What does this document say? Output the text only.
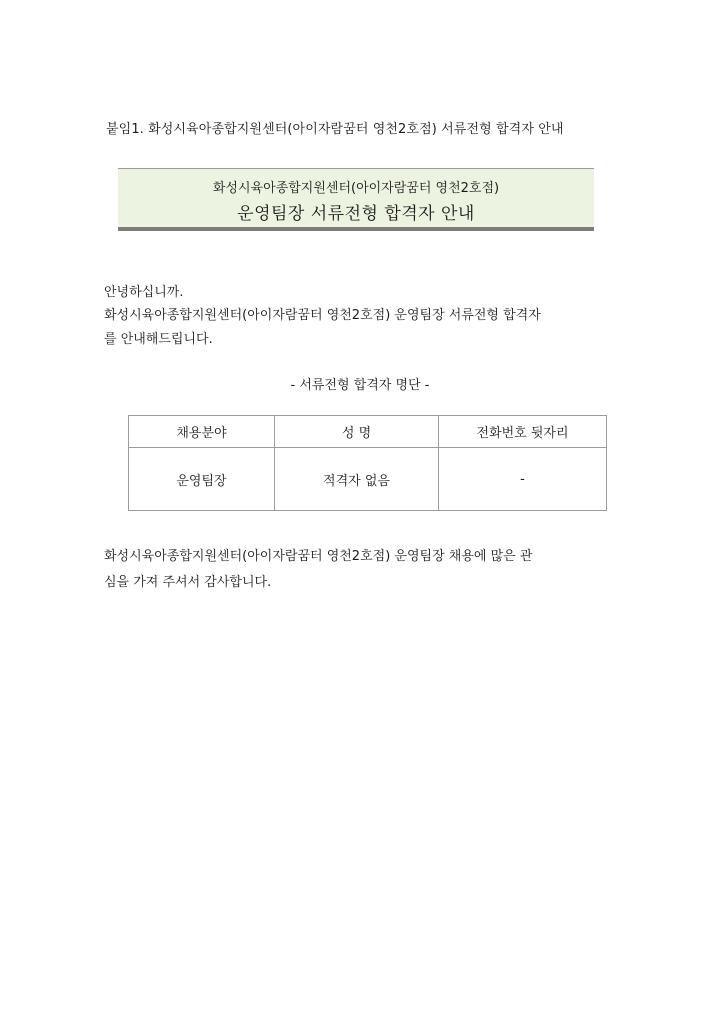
붙임1. 화성시육아종합지원센터(아이자람꿈터 영천2호점) 서류전형 합격자 안내
화성시육아종합지원센터(아이자람꿈터 영천2호점)
운영팀장 서류전형 합격자 안내
안녕하십니까.
화성시육아종합지원센터(아이자람꿈터 영천2호점) 운영팀장 서류전형 합격자
를 안내해드립니다.
- 서류전형 합격자 명단 -
채용분야	성 명	전화번호 뒷자리
운영팀장	적격자 없음	-
화성시육아종합지원센터(아이자람꿈터 영천2호점) 운영팀장 채용에 많은 관
심을 가져 주셔서 감사합니다.
